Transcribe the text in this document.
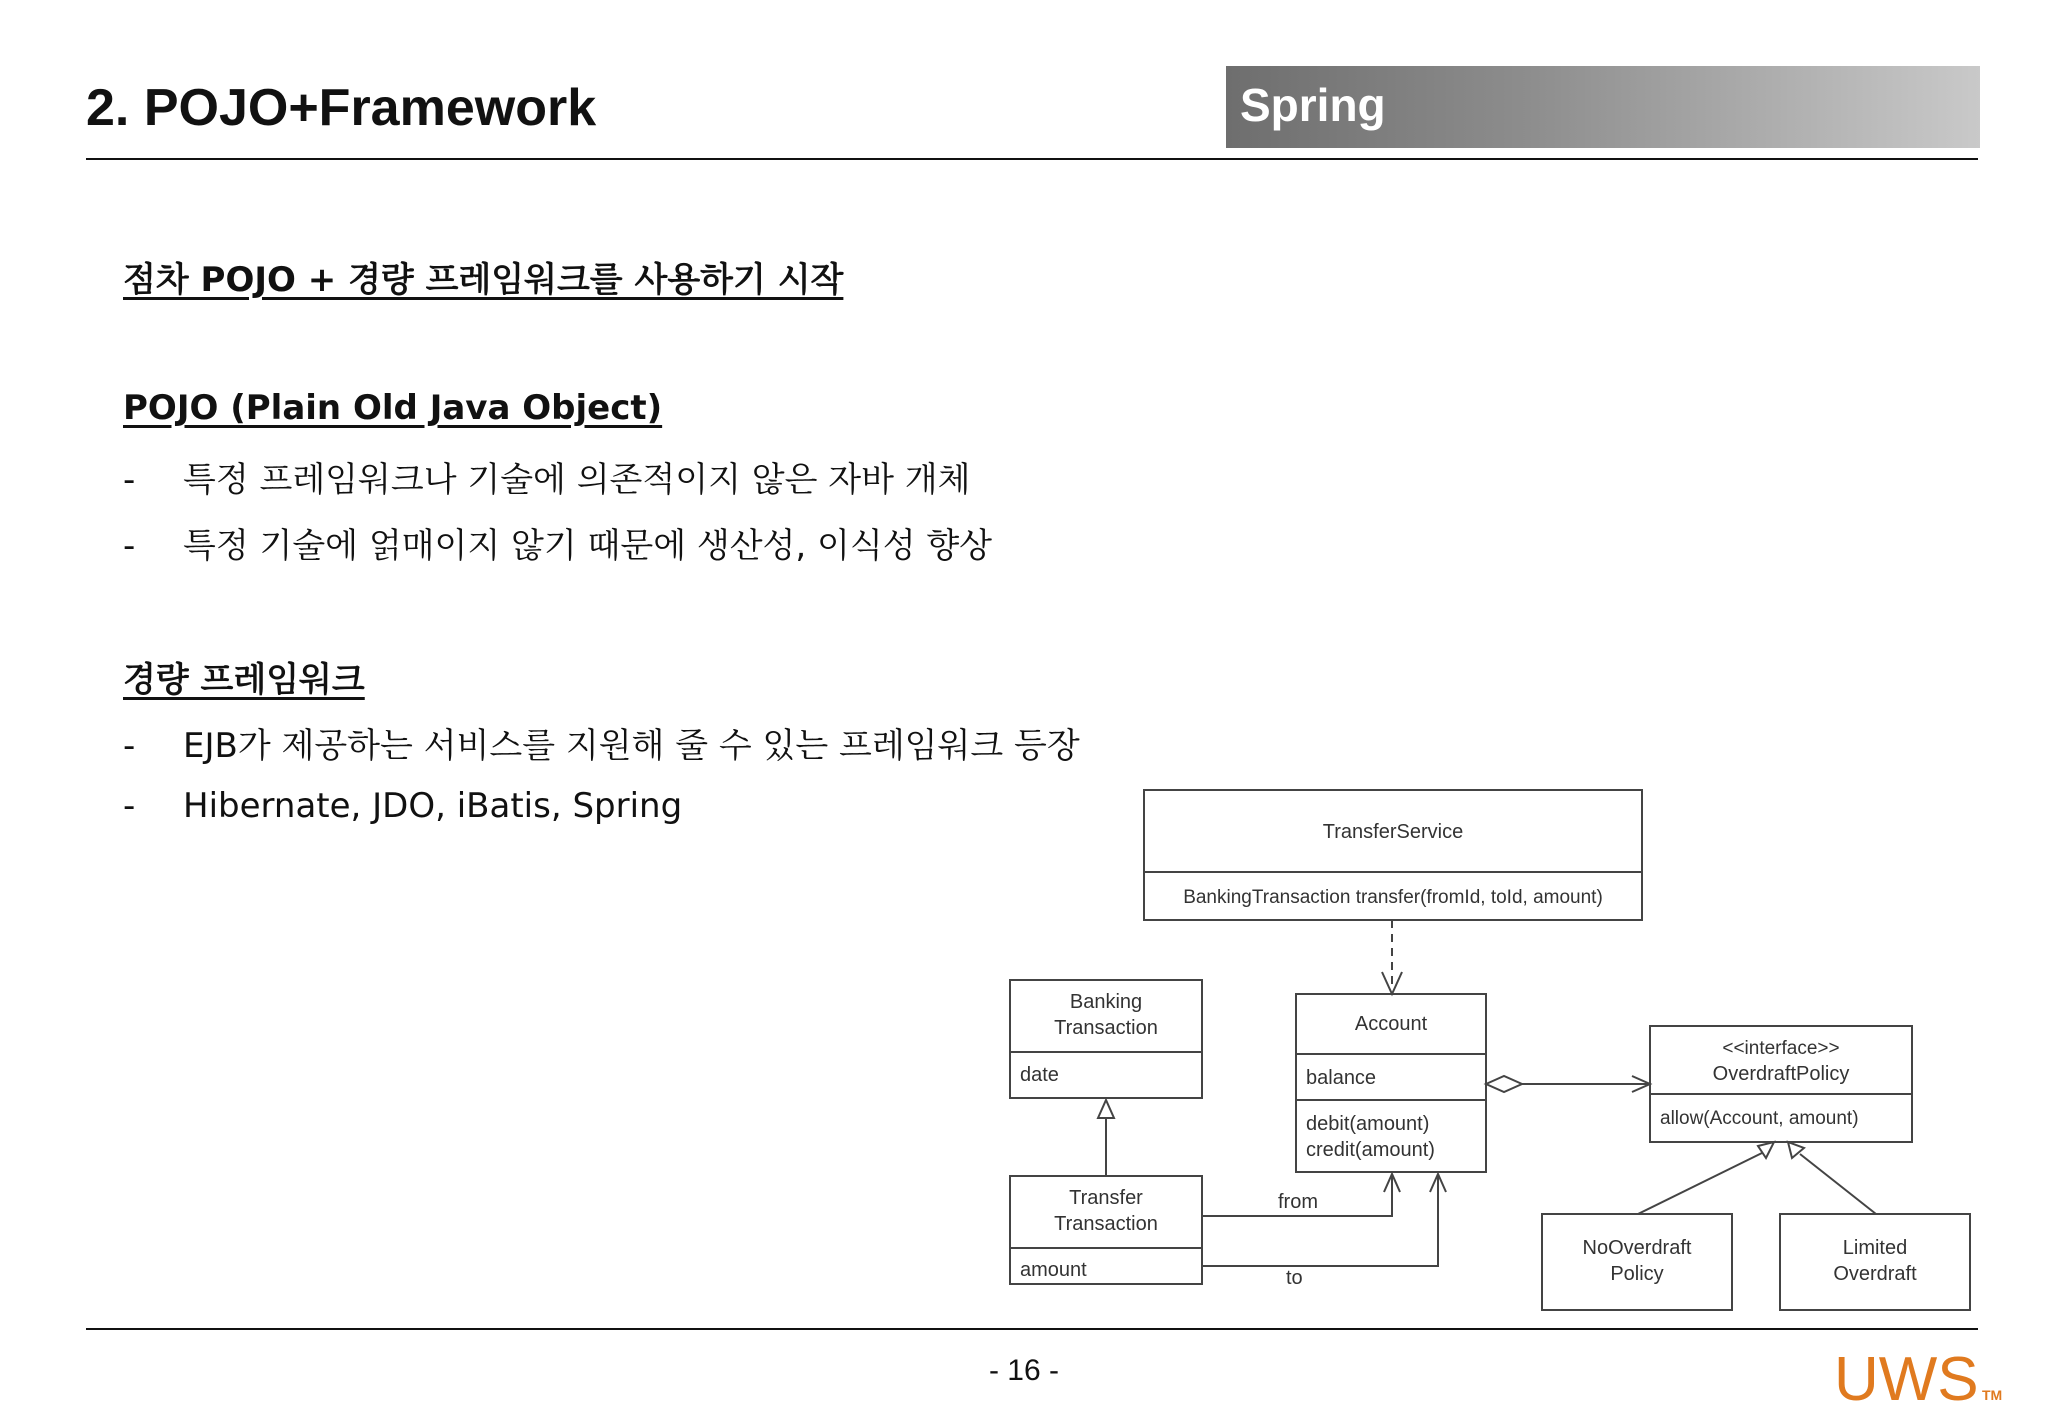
2. POJO+Framework	Spring
점차 POJO + 경량 프레임워크를 사용하기 시작
POJO (Plain Old Java Object)
- 특정 프레임워크나 기술에 의존적이지 않은 자바 개체
- 특정 기술에 얽매이지 않기 때문에 생산성, 이식성 향상
경량 프레임워크
- EJB가 제공하는 서비스를 지원해 줄 수 있는 프레임워크 등장
- Hibernate, JDO, iBatis, Spring
TransferService
BankingTransaction transfer(fromId, toId, amount)
Banking
Transaction
date
Account
balance
debit(amount)
credit(amount)
<<interface>>
OverdraftPolicy
allow(Account, amount)
Transfer
Transaction
amount
NoOverdraft
Policy
Limited
Overdraft
from
to
- 16 -	UWS TM
